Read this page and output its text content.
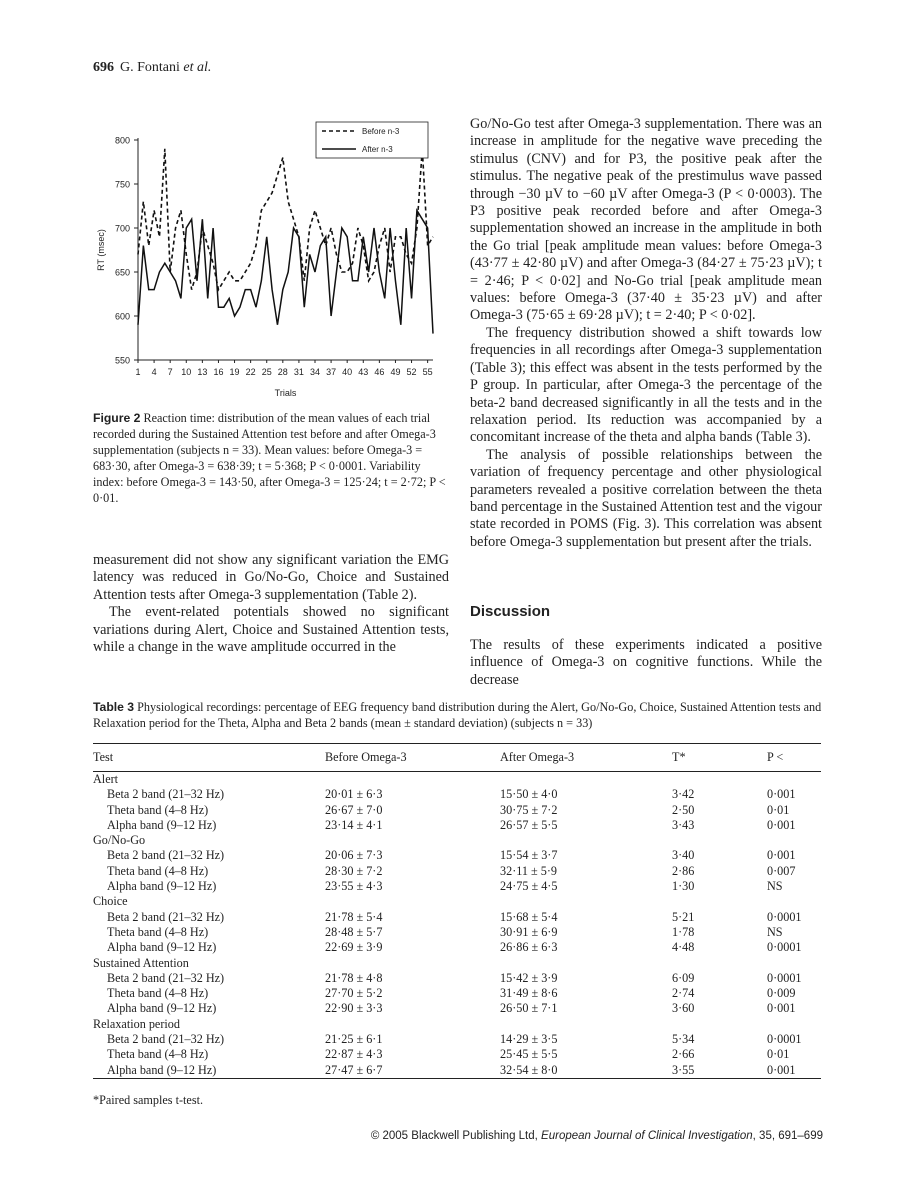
696 G. Fontani et al.
550
600
650
700
750
800
1 4 7 10 13 16 19 22 25 28 31 34 37 40 43 46 49 52 55
Trials
RT (msec)
Before n-3
After n-3
Figure 2 Reaction time: distribution of the mean values of each trial recorded during the Sustained Attention test before and after Omega-3 supplementation (subjects n = 33). Mean values: before Omega-3 = 683·30, after Omega-3 = 638·39; t = 5·368; P < 0·0001. Variability index: before Omega-3 = 143·50, after Omega-3 = 125·24; t = 2·72; P < 0·01.

measurement did not show any significant variation the EMG latency was reduced in Go/No-Go, Choice and Sustained Attention tests after Omega-3 supplementation (Table 2).

The event-related potentials showed no significant variations during Alert, Choice and Sustained Attention tests, while a change in the wave amplitude occurred in the

Go/No-Go test after Omega-3 supplementation. There was an increase in amplitude for the negative wave preceding the stimulus (CNV) and for P3, the positive peak after the stimulus. The negative peak of the prestimulus wave passed through −30 µV to −60 µV after Omega-3 (P < 0·0003). The P3 positive peak recorded before and after Omega-3 supplementation showed an increase in the amplitude in both the Go trial [peak amplitude mean values: before Omega-3 (43·77 ± 42·80 µV) and after Omega-3 (84·27 ± 75·23 µV); t = 2·46; P < 0·02] and No-Go trial [peak amplitude mean values: before Omega-3 (37·40 ± 35·23 µV) and after Omega-3 (75·65 ± 69·28 µV); t = 2·40; P < 0·02].

The frequency distribution showed a shift towards low frequencies in all recordings after Omega-3 supplementation (Table 3); this effect was absent in the tests performed by the P group. In particular, after Omega-3 the percentage of the beta-2 band decreased significantly in all the tests and in the relaxation period. Its reduction was accompanied by a concomitant increase of the theta and alpha bands (Table 3).

The analysis of possible relationships between the variation of frequency percentage and other physiological parameters revealed a positive correlation between the theta band percentage in the Sustained Attention test and the vigour state recorded in POMS (Fig. 3). This correlation was absent before Omega-3 supplementation but present after the trials.

Discussion

The results of these experiments indicated a positive influence of Omega-3 on cognitive functions. While the decrease

Table 3 Physiological recordings: percentage of EEG frequency band distribution during the Alert, Go/No-Go, Choice, Sustained Attention tests and Relaxation period for the Theta, Alpha and Beta 2 bands (mean ± standard deviation) (subjects n = 33)
Test	Before Omega-3	After Omega-3	T*	P <
Alert				
Beta 2 band (21–32 Hz)	20·01 ± 6·3	15·50 ± 4·0	3·42	0·001
Theta band (4–8 Hz)	26·67 ± 7·0	30·75 ± 7·2	2·50	0·01
Alpha band (9–12 Hz)	23·14 ± 4·1	26·57 ± 5·5	3·43	0·001
Go/No-Go				
Beta 2 band (21–32 Hz)	20·06 ± 7·3	15·54 ± 3·7	3·40	0·001
Theta band (4–8 Hz)	28·30 ± 7·2	32·11 ± 5·9	2·86	0·007
Alpha band (9–12 Hz)	23·55 ± 4·3	24·75 ± 4·5	1·30	NS
Choice				
Beta 2 band (21–32 Hz)	21·78 ± 5·4	15·68 ± 5·4	5·21	0·0001
Theta band (4–8 Hz)	28·48 ± 5·7	30·91 ± 6·9	1·78	NS
Alpha band (9–12 Hz)	22·69 ± 3·9	26·86 ± 6·3	4·48	0·0001
Sustained Attention				
Beta 2 band (21–32 Hz)	21·78 ± 4·8	15·42 ± 3·9	6·09	0·0001
Theta band (4–8 Hz)	27·70 ± 5·2	31·49 ± 8·6	2·74	0·009
Alpha band (9–12 Hz)	22·90 ± 3·3	26·50 ± 7·1	3·60	0·001
Relaxation period				
Beta 2 band (21–32 Hz)	21·25 ± 6·1	14·29 ± 3·5	5·34	0·0001
Theta band (4–8 Hz)	22·87 ± 4·3	25·45 ± 5·5	2·66	0·01
Alpha band (9–12 Hz)	27·47 ± 6·7	32·54 ± 8·0	3·55	0·001
*Paired samples t-test.
© 2005 Blackwell Publishing Ltd, European Journal of Clinical Investigation, 35, 691–699
